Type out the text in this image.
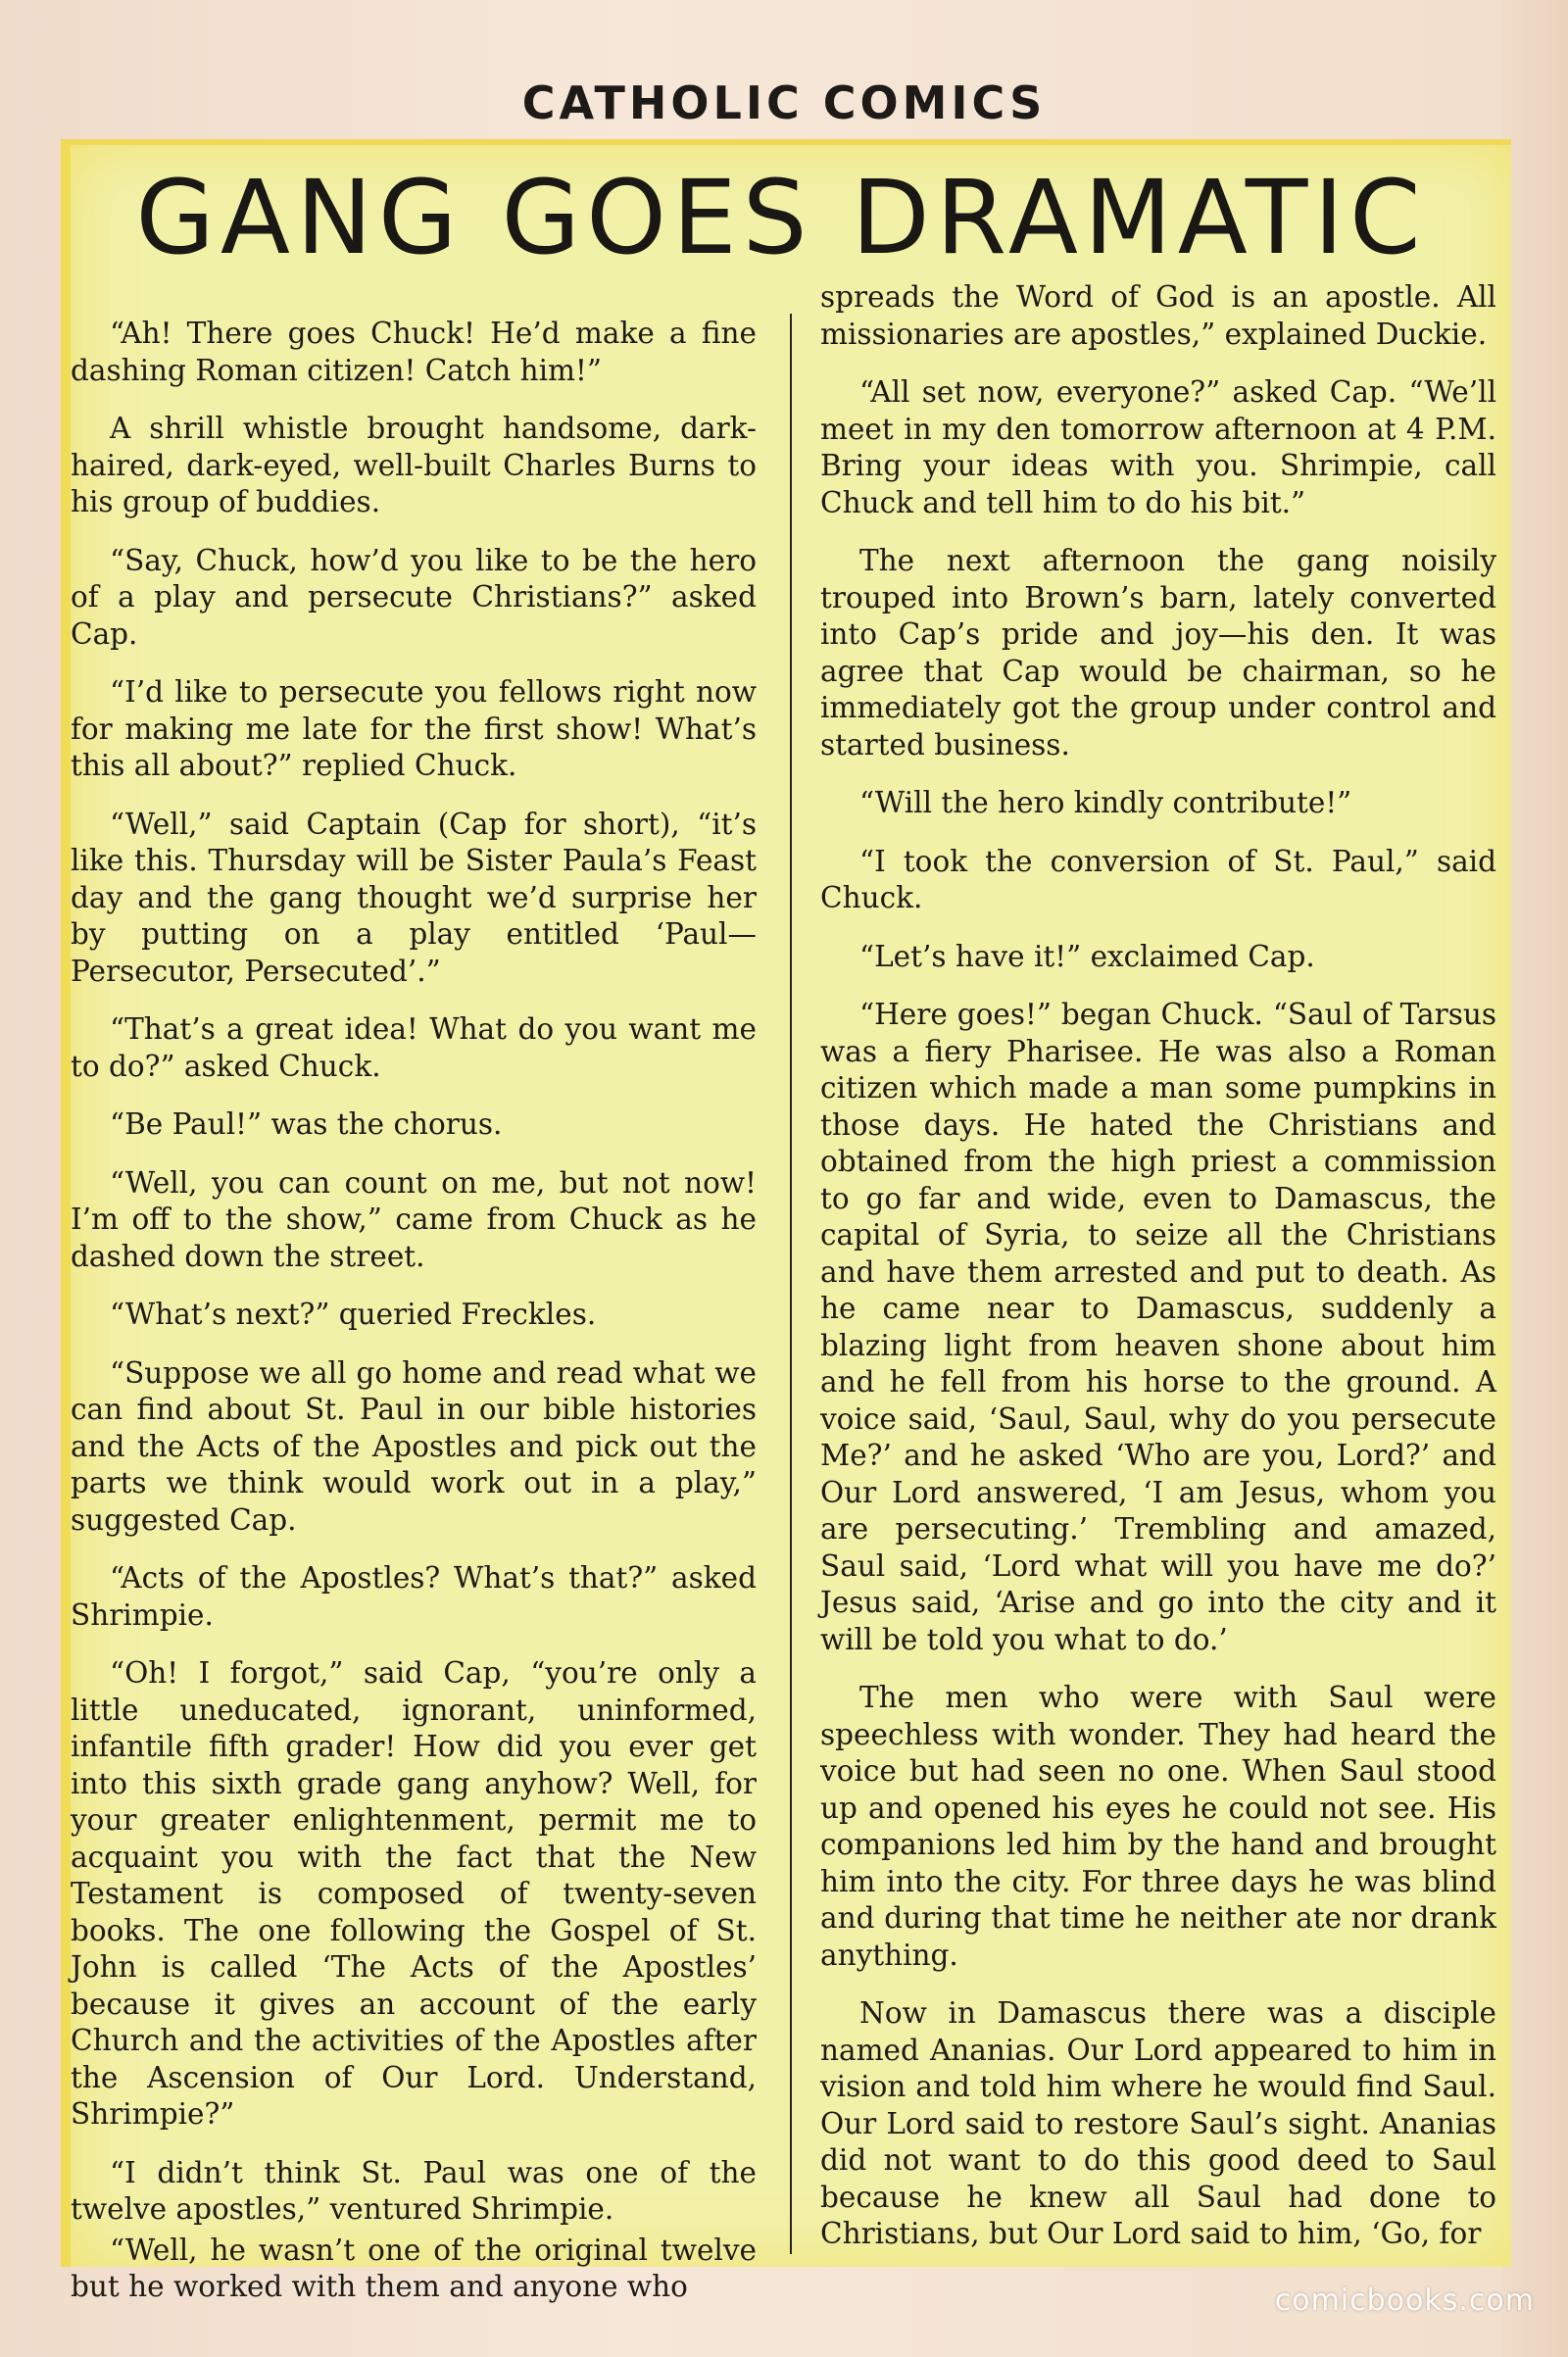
CATHOLIC COMICS
GANG GOES DRAMATIC

“Ah! There goes Chuck! He’d make a fine dashing Roman citizen! Catch him!”

A shrill whistle brought handsome, dark-haired, dark-eyed, well-built Charles Burns to his group of buddies.

“Say, Chuck, how’d you like to be the hero of a play and persecute Christians?” asked Cap.

“I’d like to persecute you fellows right now for making me late for the first show! What’s this all about?” replied Chuck.

“Well,” said Captain (Cap for short), “it’s like this. Thursday will be Sister Paula’s Feast day and the gang thought we’d surprise her by putting on a play entitled ‘Paul—Persecutor, Persecuted’.”

“That’s a great idea! What do you want me to do?” asked Chuck.

“Be Paul!” was the chorus.

“Well, you can count on me, but not now! I’m off to the show,” came from Chuck as he dashed down the street.

“What’s next?” queried Freckles.

“Suppose we all go home and read what we can find about St. Paul in our bible histories and the Acts of the Apostles and pick out the parts we think would work out in a play,” suggested Cap.

“Acts of the Apostles? What’s that?” asked Shrimpie.

“Oh! I forgot,” said Cap, “you’re only a little uneducated, ignorant, uninformed, infantile fifth grader! How did you ever get into this sixth grade gang anyhow? Well, for your greater enlightenment, permit me to acquaint you with the fact that the New Testament is composed of twenty-seven books. The one following the Gospel of St. John is called ‘The Acts of the Apostles’ because it gives an account of the early Church and the activities of the Apostles after the Ascension of Our Lord. Understand, Shrimpie?”

“I didn’t think St. Paul was one of the twelve apostles,” ventured Shrimpie.

“Well, he wasn’t one of the original twelve but he worked with them and anyone who

spreads the Word of God is an apostle. All missionaries are apostles,” explained Duckie.

“All set now, everyone?” asked Cap. “We’ll meet in my den tomorrow afternoon at 4 P.M. Bring your ideas with you. Shrimpie, call Chuck and tell him to do his bit.”

The next afternoon the gang noisily trouped into Brown’s barn, lately converted into Cap’s pride and joy—his den. It was agree that Cap would be chairman, so he immediately got the group under control and started business.

“Will the hero kindly contribute!”

“I took the conversion of St. Paul,” said Chuck.

“Let’s have it!” exclaimed Cap.

“Here goes!” began Chuck. “Saul of Tarsus was a fiery Pharisee. He was also a Roman citizen which made a man some pumpkins in those days. He hated the Christians and obtained from the high priest a commission to go far and wide, even to Damascus, the capital of Syria, to seize all the Christians and have them arrested and put to death. As he came near to Damascus, suddenly a blazing light from heaven shone about him and he fell from his horse to the ground. A voice said, ‘Saul, Saul, why do you persecute Me?’ and he asked ‘Who are you, Lord?’ and Our Lord answered, ‘I am Jesus, whom you are persecuting.’ Trembling and amazed, Saul said, ‘Lord what will you have me do?’ Jesus said, ‘Arise and go into the city and it will be told you what to do.’

The men who were with Saul were speechless with wonder. They had heard the voice but had seen no one. When Saul stood up and opened his eyes he could not see. His companions led him by the hand and brought him into the city. For three days he was blind and during that time he neither ate nor drank anything.

Now in Damascus there was a disciple named Ananias. Our Lord appeared to him in vision and told him where he would find Saul. Our Lord said to restore Saul’s sight. Ananias did not want to do this good deed to Saul because he knew all Saul had done to Christians, but Our Lord said to him, ‘Go, for

comicbooks.com
